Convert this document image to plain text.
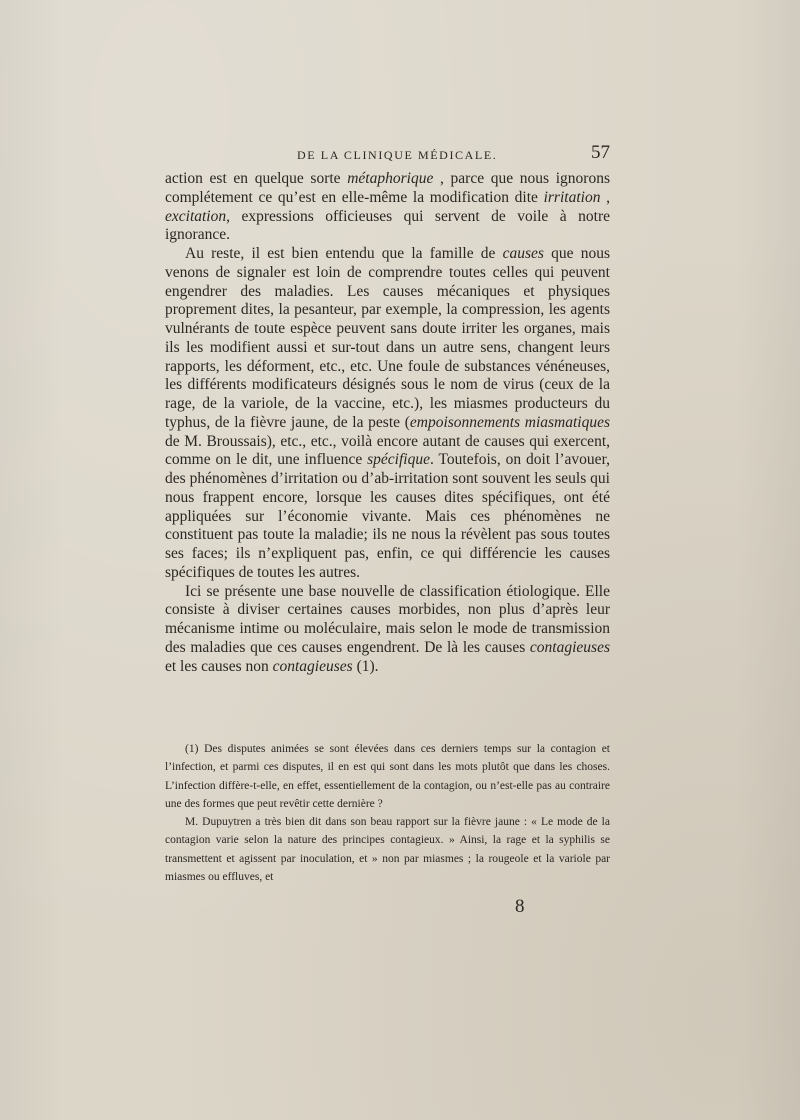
DE LA CLINIQUE MÉDICALE.	57

action est en quelque sorte métaphorique , parce que nous ignorons complétement ce qu’est en elle-même la modification dite irritation , excitation, expressions officieuses qui servent de voile à notre ignorance.

Au reste, il est bien entendu que la famille de causes que nous venons de signaler est loin de comprendre toutes celles qui peuvent engendrer des maladies. Les causes mécaniques et physiques proprement dites, la pesanteur, par exemple, la compression, les agents vulnérants de toute espèce peuvent sans doute irriter les organes, mais ils les modifient aussi et sur-tout dans un autre sens, changent leurs rapports, les déforment, etc., etc. Une foule de substances vénéneuses, les différents modificateurs désignés sous le nom de virus (ceux de la rage, de la variole, de la vaccine, etc.), les miasmes producteurs du typhus, de la fièvre jaune, de la peste (empoisonnements miasmatiques de M. Broussais), etc., etc., voilà encore autant de causes qui exercent, comme on le dit, une influence spécifique. Toutefois, on doit l’avouer, des phénomènes d’irritation ou d’ab-irritation sont souvent les seuls qui nous frappent encore, lorsque les causes dites spécifiques, ont été appliquées sur l’économie vivante. Mais ces phénomènes ne constituent pas toute la maladie; ils ne nous la révèlent pas sous toutes ses faces; ils n’expliquent pas, enfin, ce qui différencie les causes spécifiques de toutes les autres.

Ici se présente une base nouvelle de classification étiologique. Elle consiste à diviser certaines causes morbides, non plus d’après leur mécanisme intime ou moléculaire, mais selon le mode de transmission des maladies que ces causes engendrent. De là les causes contagieuses et les causes non contagieuses (1).

(1) Des disputes animées se sont élevées dans ces derniers temps sur la contagion et l’infection, et parmi ces disputes, il en est qui sont dans les mots plutôt que dans les choses. L’infection diffère-t-elle, en effet, essentiellement de la contagion, ou n’est-elle pas au contraire une des formes que peut revêtir cette dernière ?

M. Dupuytren a très bien dit dans son beau rapport sur la fièvre jaune : « Le mode de la contagion varie selon la nature des principes contagieux. » Ainsi, la rage et la syphilis se transmettent et agissent par inoculation, et » non par miasmes ; la rougeole et la variole par miasmes ou effluves, et

8
